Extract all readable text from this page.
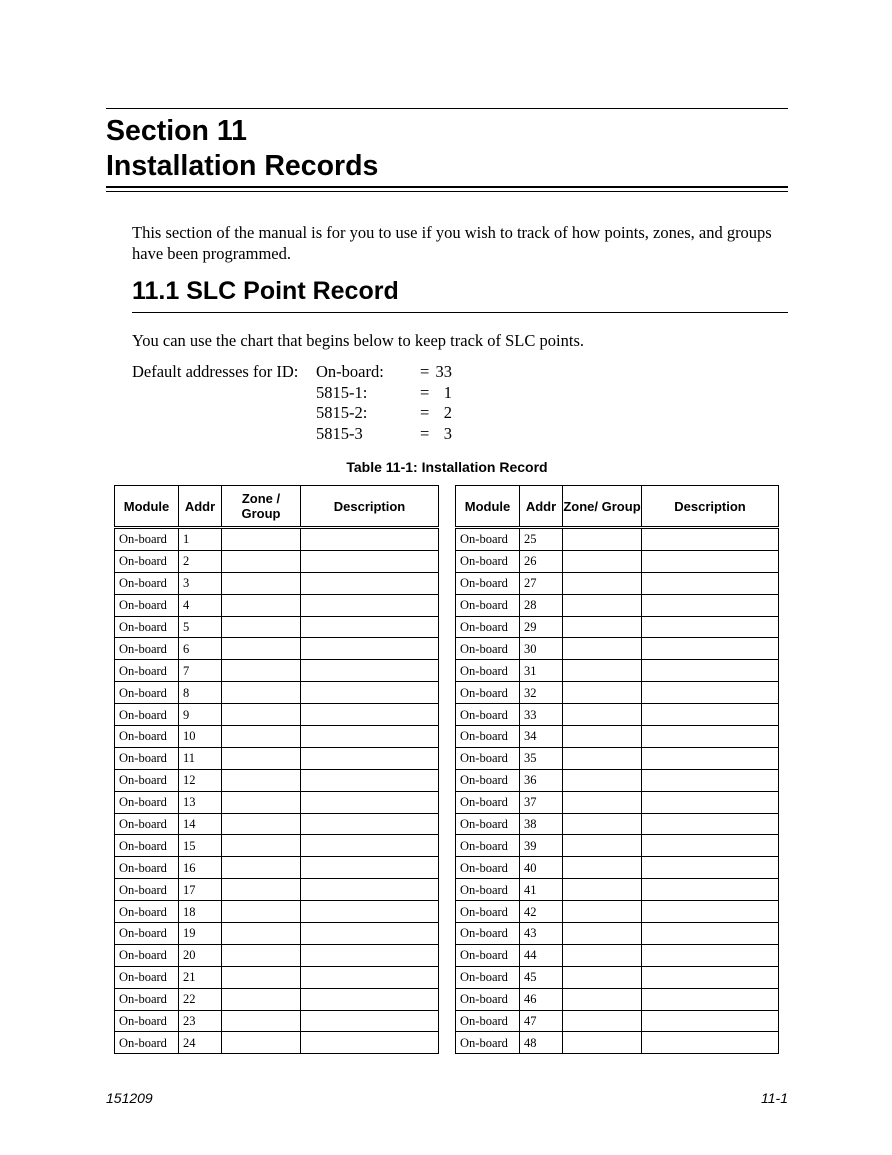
Section 11
Installation Records
This section of the manual is for you to use if you wish to track of how points, zones, and groups have been programmed.
11.1 SLC Point Record
You can use the chart that begins below to keep track of SLC points.
Default addresses for ID: On-board: = 33
5815-1:	= 1
5815-2:	= 2
5815-3	= 3
Table 11-1: Installation Record
Module	Addr	Zone / Group	Description
On-board	1		
On-board	2		
On-board	3		
On-board	4		
On-board	5		
On-board	6		
On-board	7		
On-board	8		
On-board	9		
On-board	10		
On-board	11		
On-board	12		
On-board	13		
On-board	14		
On-board	15		
On-board	16		
On-board	17		
On-board	18		
On-board	19		
On-board	20		
On-board	21		
On-board	22		
On-board	23		
On-board	24		
Module	Addr	Zone/ Group	Description
On-board	25		
On-board	26		
On-board	27		
On-board	28		
On-board	29		
On-board	30		
On-board	31		
On-board	32		
On-board	33		
On-board	34		
On-board	35		
On-board	36		
On-board	37		
On-board	38		
On-board	39		
On-board	40		
On-board	41		
On-board	42		
On-board	43		
On-board	44		
On-board	45		
On-board	46		
On-board	47		
On-board	48		
151209	11-1
